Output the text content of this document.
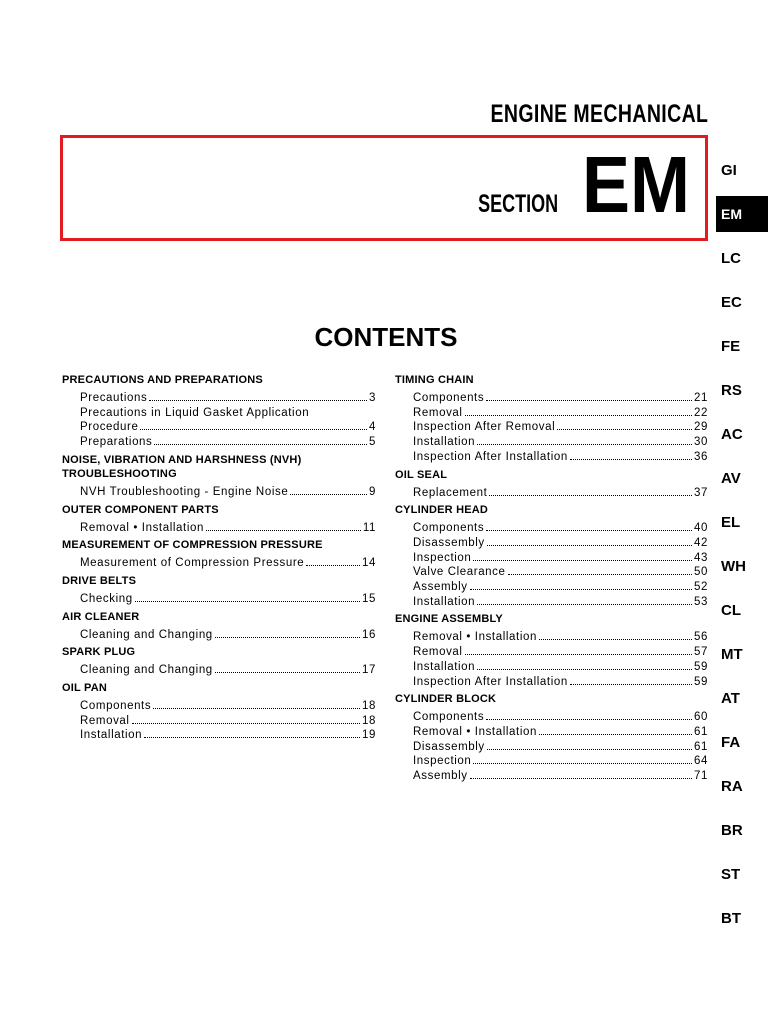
ENGINE MECHANICAL
SECTION EM
CONTENTS
PRECAUTIONS AND PREPARATIONS
Precautions	3
Precautions in Liquid Gasket Application
Procedure	4
Preparations	5
NOISE, VIBRATION AND HARSHNESS (NVH) TROUBLESHOOTING
NVH Troubleshooting - Engine Noise	9
OUTER COMPONENT PARTS
Removal • Installation	11
MEASUREMENT OF COMPRESSION PRESSURE
Measurement of Compression Pressure	14
DRIVE BELTS
Checking	15
AIR CLEANER
Cleaning and Changing	16
SPARK PLUG
Cleaning and Changing	17
OIL PAN
Components	18
Removal	18
Installation	19
TIMING CHAIN
Components	21
Removal	22
Inspection After Removal	29
Installation	30
Inspection After Installation	36
OIL SEAL
Replacement	37
CYLINDER HEAD
Components	40
Disassembly	42
Inspection	43
Valve Clearance	50
Assembly	52
Installation	53
ENGINE ASSEMBLY
Removal • Installation	56
Removal	57
Installation	59
Inspection After Installation	59
CYLINDER BLOCK
Components	60
Removal • Installation	61
Disassembly	61
Inspection	64
Assembly	71
GI
EM
LC
EC
FE
RS
AC
AV
EL
WH
CL
MT
AT
FA
RA
BR
ST
BT
